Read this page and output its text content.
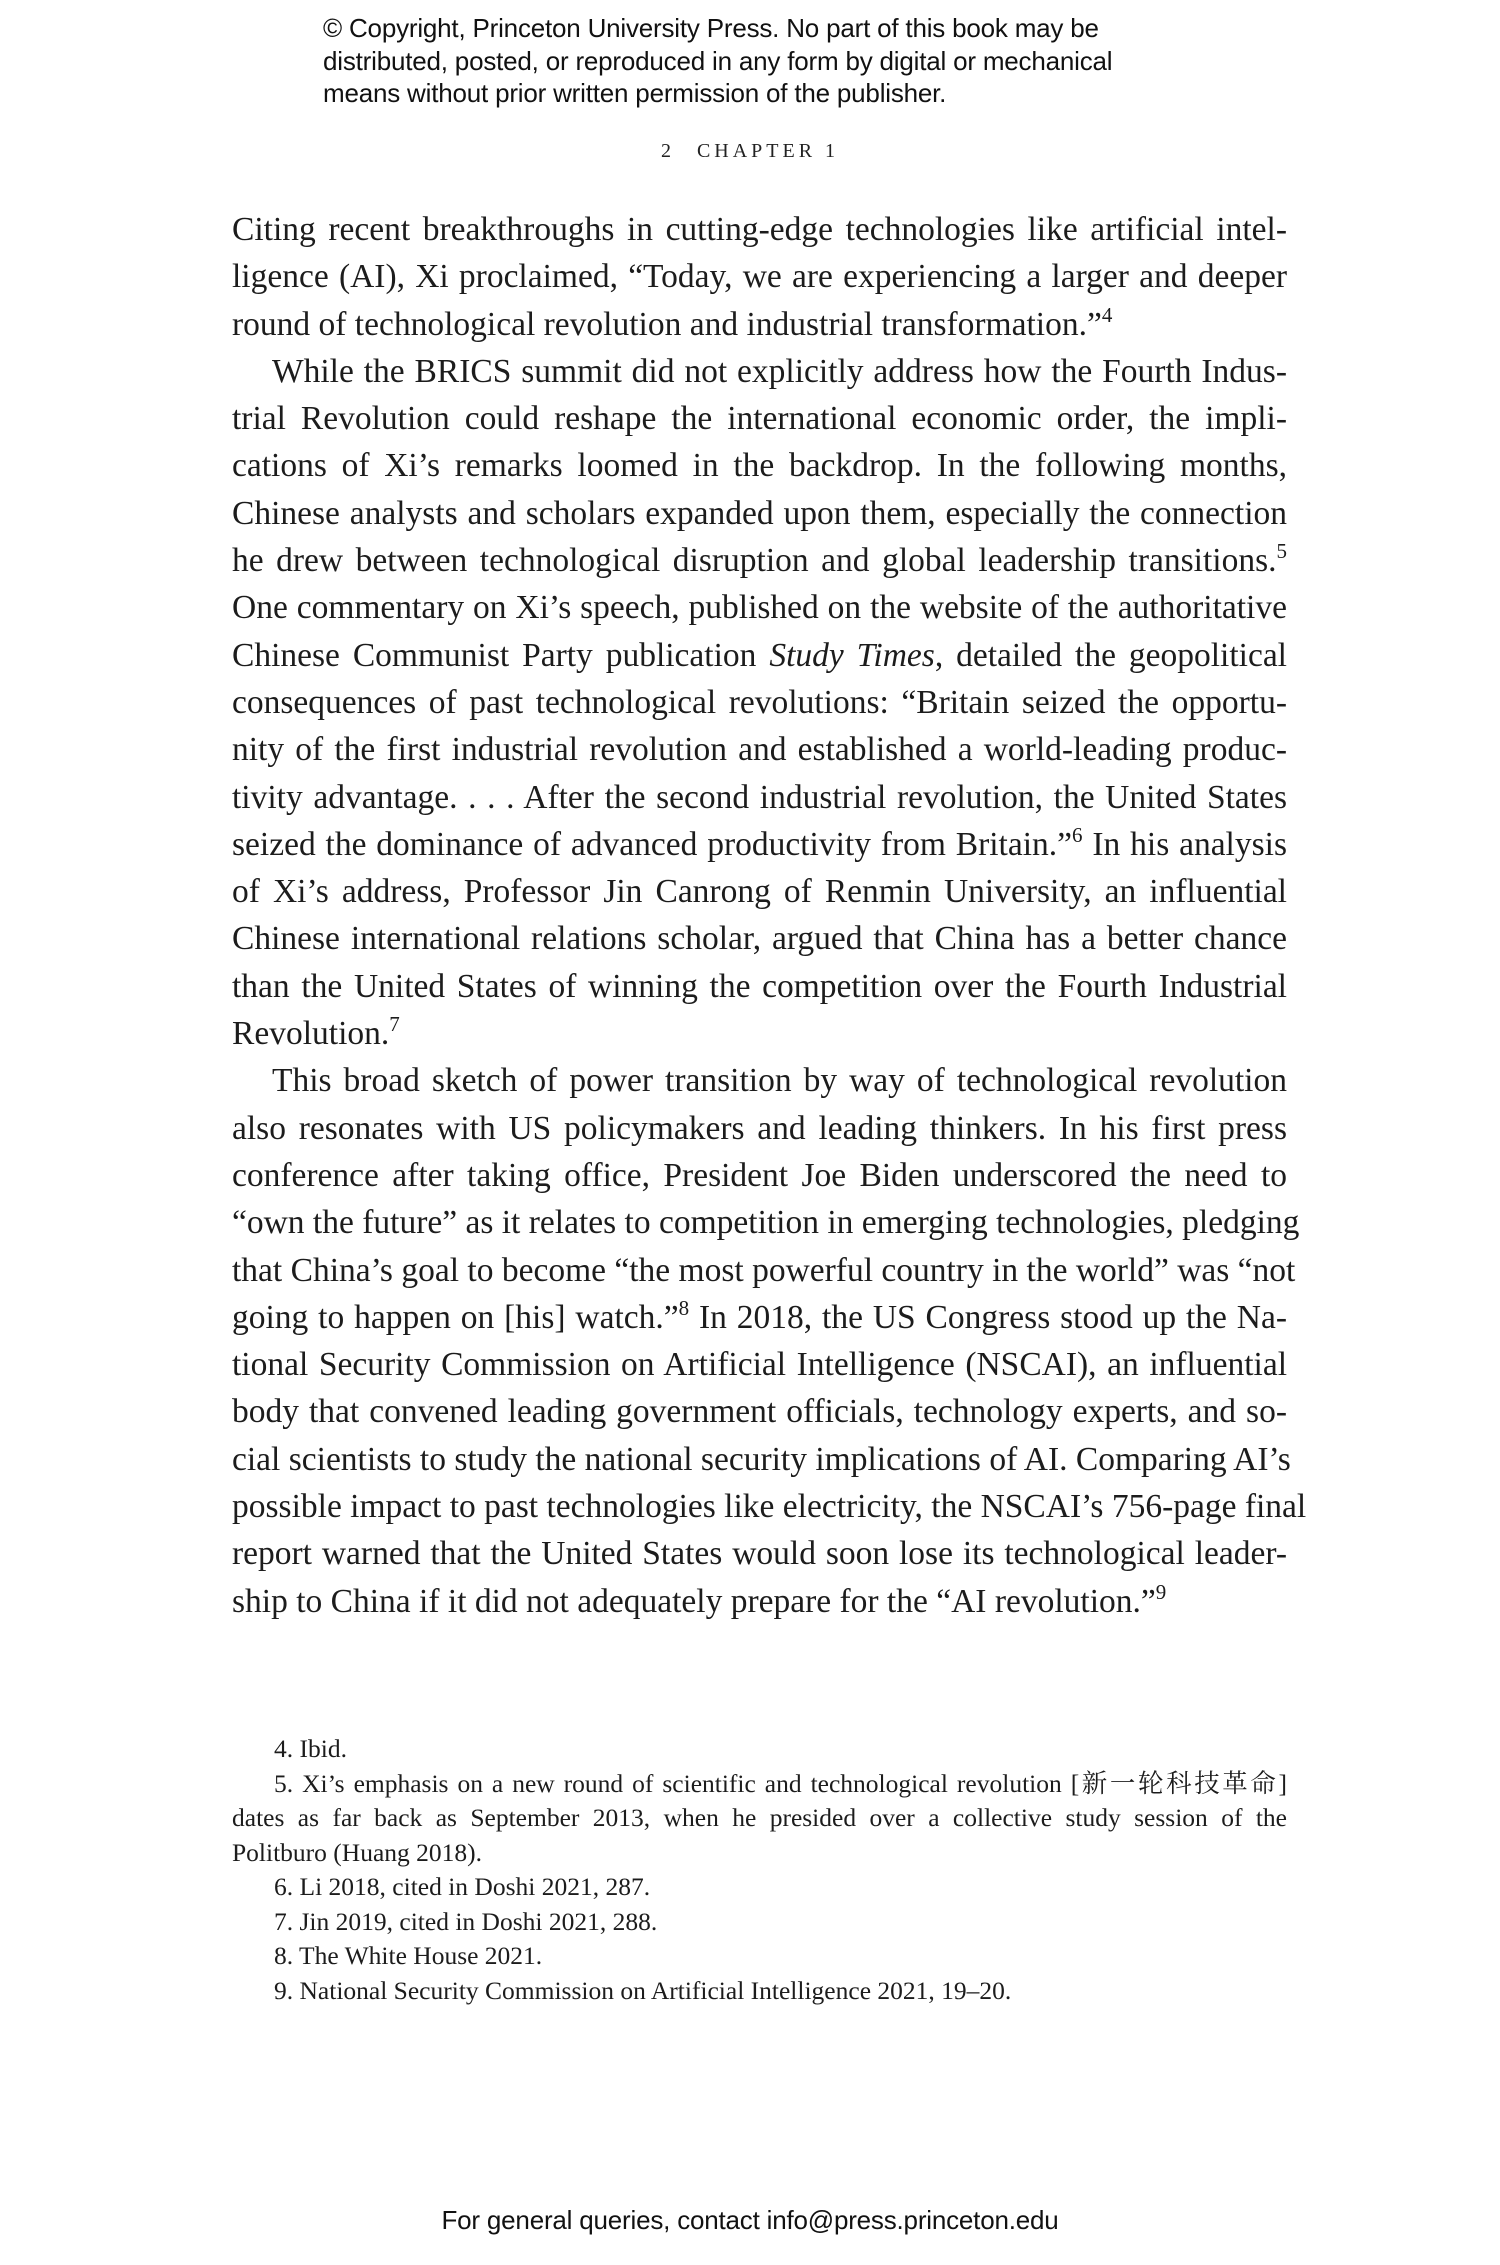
© Copyright, Princeton University Press. No part of this book may be
distributed, posted, or reproduced in any form by digital or mechanical
means without prior written permission of the publisher.
2 CHAPTER 1
Citing recent breakthroughs in cutting-edge technologies like artificial intel-
ligence (AI), Xi proclaimed, “Today, we are experiencing a larger and deeper
round of technological revolution and industrial transformation.”$^4$
While the BRICS summit did not explicitly address how the Fourth Indus-
trial Revolution could reshape the international economic order, the impli-
cations of Xi’s remarks loomed in the backdrop. In the following months,
Chinese analysts and scholars expanded upon them, especially the connection
he drew between technological disruption and global leadership transitions.$^5$
One commentary on Xi’s speech, published on the website of the authoritative
Chinese Communist Party publication Study Times, detailed the geopolitical
consequences of past technological revolutions: “Britain seized the opportu-
nity of the first industrial revolution and established a world-leading produc-
tivity advantage. . . . After the second industrial revolution, the United States
seized the dominance of advanced productivity from Britain.”$^6$ In his analysis
of Xi’s address, Professor Jin Canrong of Renmin University, an influential
Chinese international relations scholar, argued that China has a better chance
than the United States of winning the competition over the Fourth Industrial
Revolution.$^7$
This broad sketch of power transition by way of technological revolution
also resonates with US policymakers and leading thinkers. In his first press
conference after taking office, President Joe Biden underscored the need to
“own the future” as it relates to competition in emerging technologies, pledging
that China’s goal to become “the most powerful country in the world” was “not
going to happen on [his] watch.”$^8$ In 2018, the US Congress stood up the Na-
tional Security Commission on Artificial Intelligence (NSCAI), an influential
body that convened leading government officials, technology experts, and so-
cial scientists to study the national security implications of AI. Comparing AI’s
possible impact to past technologies like electricity, the NSCAI’s 756-page final
report warned that the United States would soon lose its technological leader-
ship to China if it did not adequately prepare for the “AI revolution.”$^9$
4. Ibid.
5. Xi’s emphasis on a new round of scientific and technological revolution [新一轮科技革命]
dates as far back as September 2013, when he presided over a collective study session of the
Politburo (Huang 2018).
6. Li 2018, cited in Doshi 2021, 287.
7. Jin 2019, cited in Doshi 2021, 288.
8. The White House 2021.
9. National Security Commission on Artificial Intelligence 2021, 19–20.
For general queries, contact info@press.princeton.edu
